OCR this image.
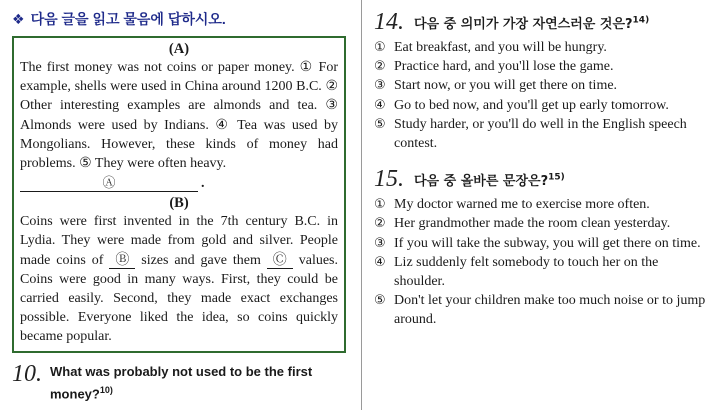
❖ 다음 글을 읽고 물음에 답하시오.
(A)
The first money was not coins or paper money. ① For example, shells were used in China around 1200 B.C. ② Other interesting examples are almonds and tea. ③ Almonds were used by Indians. ④ Tea was used by Mongolians. However, these kinds of money had problems. ⑤ They were often heavy.
Ⓐ	.
(B)
Coins were first invented in the 7th century B.C. in Lydia. They were made from gold and silver. People made coins of Ⓑ sizes and gave them Ⓒ values. Coins were good in many ways. First, they could be carried easily. Second, they made exact exchanges possible. Everyone liked the idea, so coins quickly became popular.
10. What was probably not used to be the first money?$^{10)}$
14. 다음 중 의미가 가장 자연스러운 것은?$^{14)}$
① Eat breakfast, and you will be hungry.
② Practice hard, and you'll lose the game.
③ Start now, or you will get there on time.
④ Go to bed now, and you'll get up early tomorrow.
⑤ Study harder, or you'll do well in the English speech contest.
15. 다음 중 올바른 문장은?$^{15)}$
① My doctor warned me to exercise more often.
② Her grandmother made the room clean yesterday.
③ If you will take the subway, you will get there on time.
④ Liz suddenly felt somebody to touch her on the shoulder.
⑤ Don't let your children make too much noise or to jump around.
